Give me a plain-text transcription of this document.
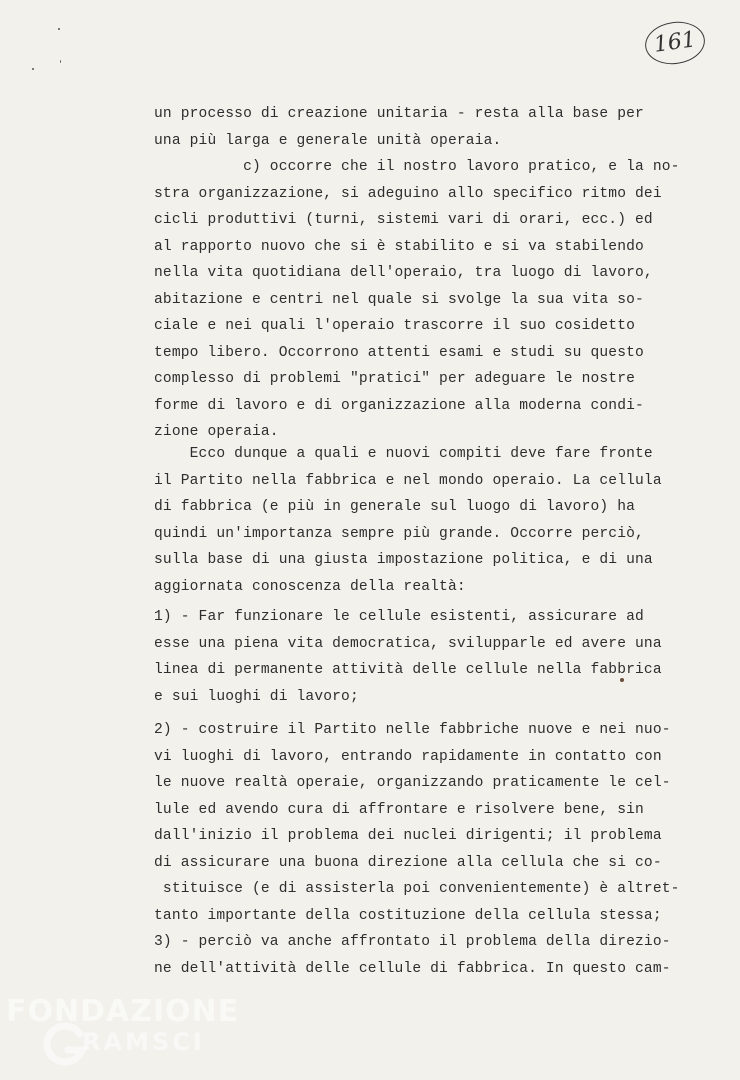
161
un processo di creazione unitaria - resta alla base per
una più larga e generale unità operaia.
c) occorre che il nostro lavoro pratico, e la no-
stra organizzazione, si adeguino allo specifico ritmo dei
cicli produttivi (turni, sistemi vari di orari, ecc.) ed
al rapporto nuovo che si è stabilito e si va stabilendo
nella vita quotidiana dell'operaio, tra luogo di lavoro,
abitazione e centri nel quale si svolge la sua vita so-
ciale e nei quali l'operaio trascorre il suo cosidetto
tempo libero. Occorrono attenti esami e studi su questo
complesso di problemi "pratici" per adeguare le nostre
forme di lavoro e di organizzazione alla moderna condi-
zione operaia.
Ecco dunque a quali e nuovi compiti deve fare fronte
il Partito nella fabbrica e nel mondo operaio. La cellula
di fabbrica (e più in generale sul luogo di lavoro) ha
quindi un'importanza sempre più grande. Occorre perciò,
sulla base di una giusta impostazione politica, e di una
aggiornata conoscenza della realtà:
1) - Far funzionare le cellule esistenti, assicurare ad
esse una piena vita democratica, svilupparle ed avere una
linea di permanente attività delle cellule nella fabbrica
e sui luoghi di lavoro;
2) - costruire il Partito nelle fabbriche nuove e nei nuo-
vi luoghi di lavoro, entrando rapidamente in contatto con
le nuove realtà operaie, organizzando praticamente le cel-
lule ed avendo cura di affrontare e risolvere bene, sin
dall'inizio il problema dei nuclei dirigenti; il problema
di assicurare una buona direzione alla cellula che si co-
stituisce (e di assisterla poi convenientemente) è altret-
tanto importante della costituzione della cellula stessa;
3) - perciò va anche affrontato il problema della direzio-
ne dell'attività delle cellule di fabbrica. In questo cam-
FONDAZIONE
RAMSCI
